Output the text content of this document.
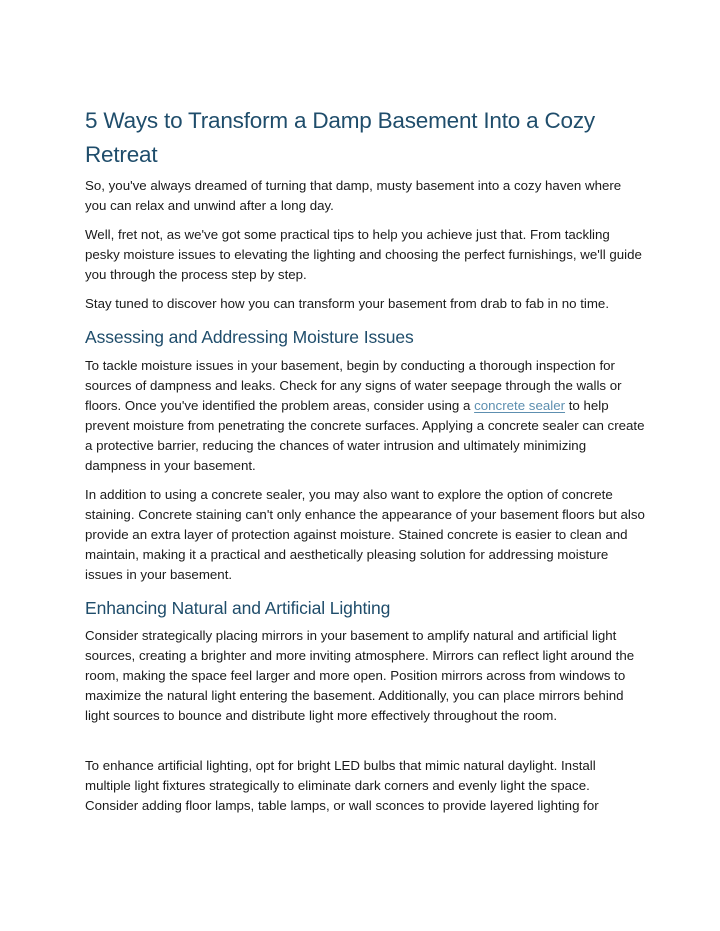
5 Ways to Transform a Damp Basement Into a Cozy Retreat

So, you've always dreamed of turning that damp, musty basement into a cozy haven where you can relax and unwind after a long day.

Well, fret not, as we've got some practical tips to help you achieve just that. From tackling pesky moisture issues to elevating the lighting and choosing the perfect furnishings, we'll guide you through the process step by step.

Stay tuned to discover how you can transform your basement from drab to fab in no time.

Assessing and Addressing Moisture Issues

To tackle moisture issues in your basement, begin by conducting a thorough inspection for sources of dampness and leaks. Check for any signs of water seepage through the walls or floors. Once you've identified the problem areas, consider using a concrete sealer to help prevent moisture from penetrating the concrete surfaces. Applying a concrete sealer can create a protective barrier, reducing the chances of water intrusion and ultimately minimizing dampness in your basement.

In addition to using a concrete sealer, you may also want to explore the option of concrete staining. Concrete staining can't only enhance the appearance of your basement floors but also provide an extra layer of protection against moisture. Stained concrete is easier to clean and maintain, making it a practical and aesthetically pleasing solution for addressing moisture issues in your basement.

Enhancing Natural and Artificial Lighting

Consider strategically placing mirrors in your basement to amplify natural and artificial light sources, creating a brighter and more inviting atmosphere. Mirrors can reflect light around the room, making the space feel larger and more open. Position mirrors across from windows to maximize the natural light entering the basement. Additionally, you can place mirrors behind light sources to bounce and distribute light more effectively throughout the room.

To enhance artificial lighting, opt for bright LED bulbs that mimic natural daylight. Install multiple light fixtures strategically to eliminate dark corners and evenly light the space. Consider adding floor lamps, table lamps, or wall sconces to provide layered lighting for
